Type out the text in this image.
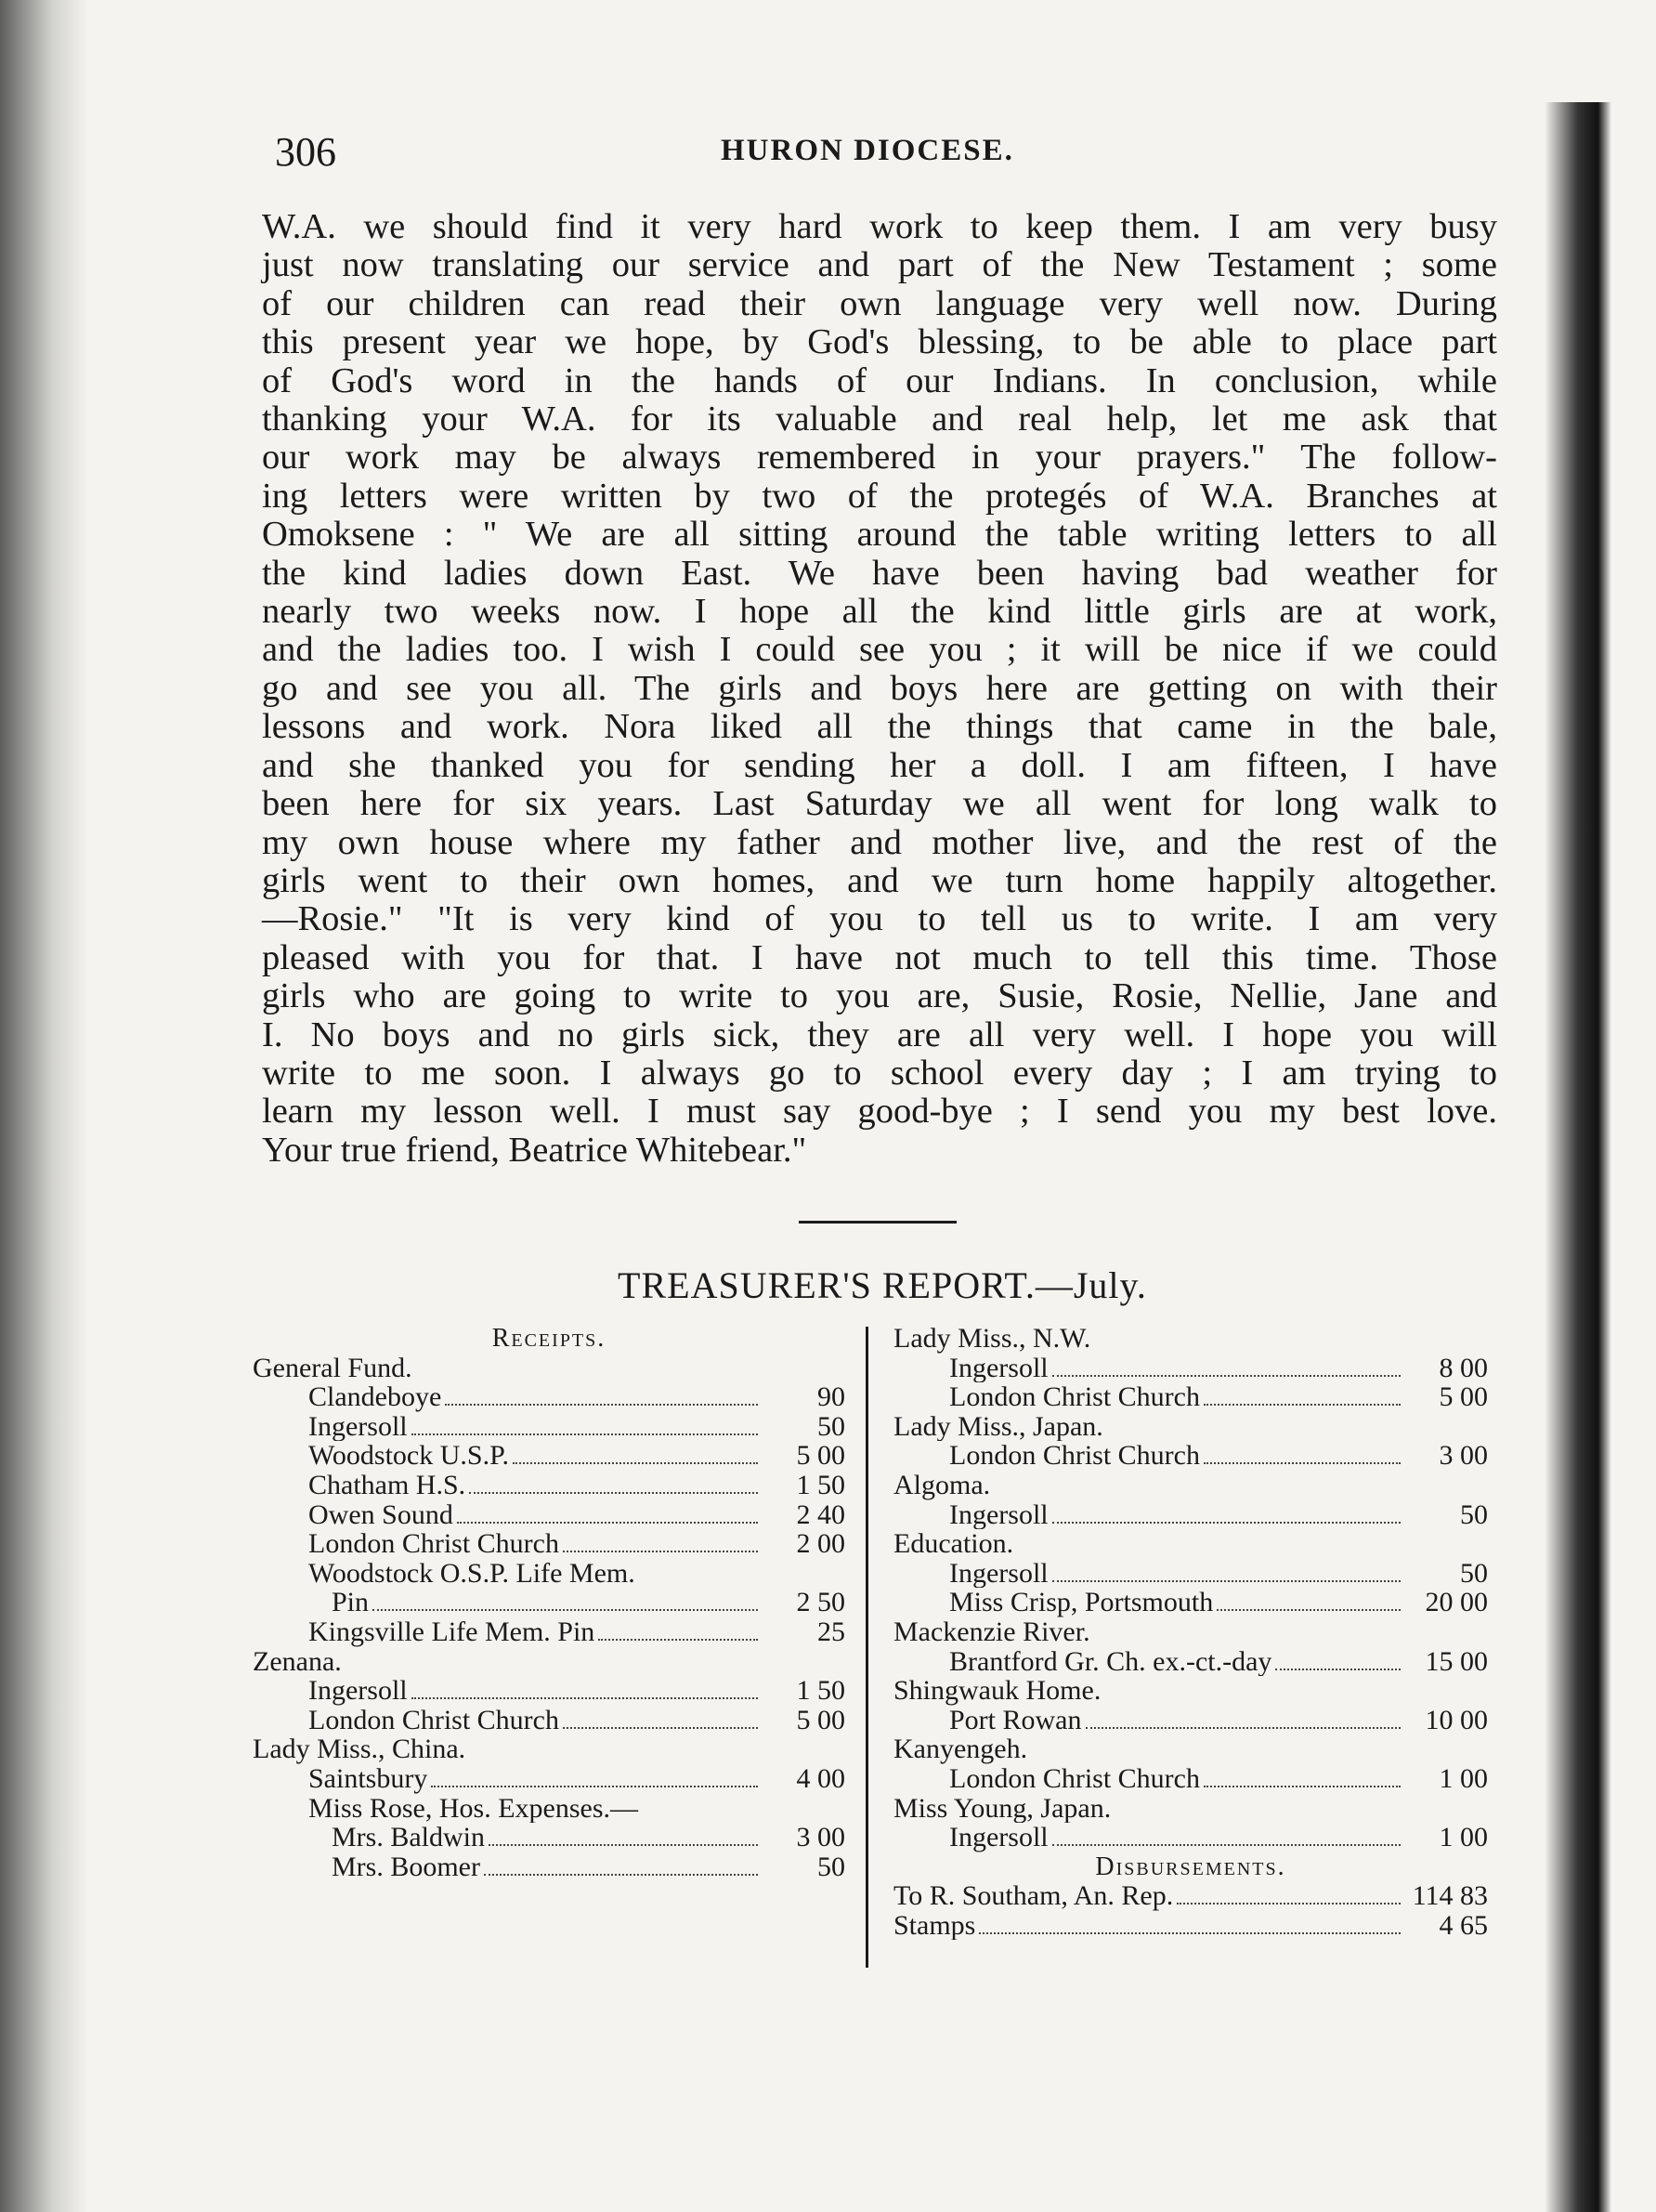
306	HURON DIOCESE.
W.A. we should find it very hard work to keep them. I am very busy
just now translating our service and part of the New Testament ; some
of our children can read their own language very well now. During
this present year we hope, by God's blessing, to be able to place part
of God's word in the hands of our Indians. In conclusion, while
thanking your W.A. for its valuable and real help, let me ask that
our work may be always remembered in your prayers." The follow-
ing letters were written by two of the protegés of W.A. Branches at
Omoksene : " We are all sitting around the table writing letters to all
the kind ladies down East. We have been having bad weather for
nearly two weeks now. I hope all the kind little girls are at work,
and the ladies too. I wish I could see you ; it will be nice if we could
go and see you all. The girls and boys here are getting on with their
lessons and work. Nora liked all the things that came in the bale,
and she thanked you for sending her a doll. I am fifteen, I have
been here for six years. Last Saturday we all went for long walk to
my own house where my father and mother live, and the rest of the
girls went to their own homes, and we turn home happily altogether.
—Rosie." "It is very kind of you to tell us to write. I am very
pleased with you for that. I have not much to tell this time. Those
girls who are going to write to you are, Susie, Rosie, Nellie, Jane and
I. No boys and no girls sick, they are all very well. I hope you will
write to me soon. I always go to school every day ; I am trying to
learn my lesson well. I must say good-bye ; I send you my best love.
Your true friend, Beatrice Whitebear."
TREASURER'S REPORT.—July.
Receipts.
General Fund.
Clandeboye	90
Ingersoll	50
Woodstock U.S.P.	5 00
Chatham H.S.	1 50
Owen Sound	2 40
London Christ Church	2 00
Woodstock O.S.P. Life Mem.
Pin	2 50
Kingsville Life Mem. Pin	25
Zenana.
Ingersoll	1 50
London Christ Church	5 00
Lady Miss., China.
Saintsbury	4 00
Miss Rose, Hos. Expenses.—
Mrs. Baldwin	3 00
Mrs. Boomer	50
Lady Miss., N.W.
Ingersoll	8 00
London Christ Church	5 00
Lady Miss., Japan.
London Christ Church	3 00
Algoma.
Ingersoll	50
Education.
Ingersoll	50
Miss Crisp, Portsmouth	20 00
Mackenzie River.
Brantford Gr. Ch. ex.-ct.-day	15 00
Shingwauk Home.
Port Rowan	10 00
Kanyengeh.
London Christ Church	1 00
Miss Young, Japan.
Ingersoll	1 00
Disbursements.
To R. Southam, An. Rep.	114 83
Stamps	4 65
